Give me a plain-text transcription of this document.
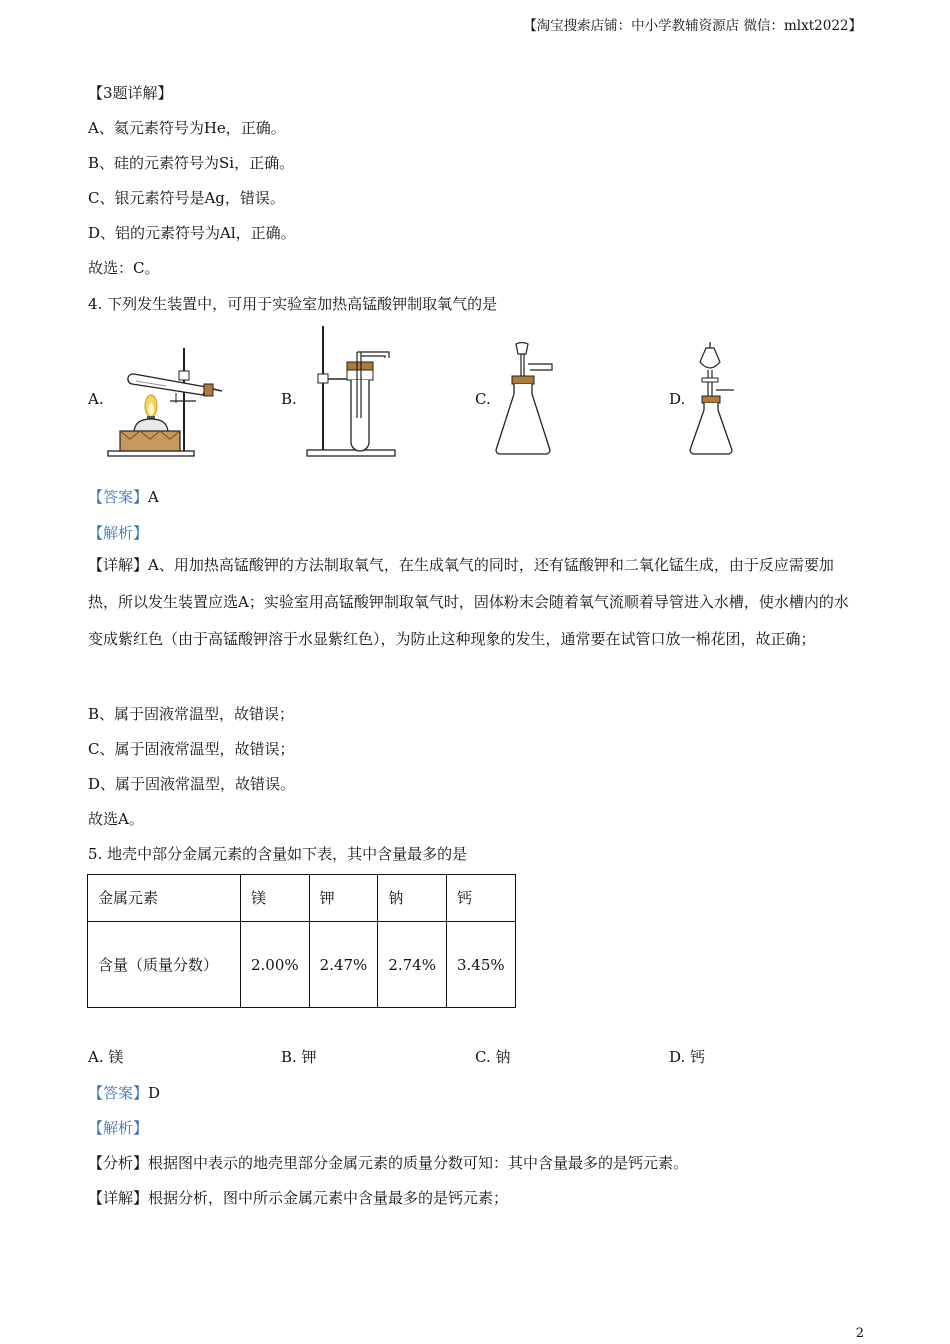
【淘宝搜索店铺：中小学教辅资源店 微信：mlxt2022】
【3题详解】
A、氦元素符号为He，正确。
B、硅的元素符号为Si，正确。
C、银元素符号是Ag，错误。
D、铝的元素符号为Al，正确。
故选：C。
4. 下列发生装置中，可用于实验室加热高锰酸钾制取氧气的是
A.	B.	C.	D.
【答案】A
【解析】
【详解】A、用加热高锰酸钾的方法制取氧气，在生成氧气的同时，还有锰酸钾和二氧化锰生成，由于反应需要加热，所以发生装置应选A；实验室用高锰酸钾制取氧气时，固体粉末会随着氧气流顺着导管进入水槽，使水槽内的水变成紫红色（由于高锰酸钾溶于水显紫红色），为防止这种现象的发生，通常要在试管口放一棉花团，故正确；
B、属于固液常温型，故错误；
C、属于固液常温型，故错误；
D、属于固液常温型，故错误。
故选A。
5. 地壳中部分金属元素的含量如下表，其中含量最多的是
金属元素	镁	钾	钠	钙
含量（质量分数）	2.00%	2.47%	2.74%	3.45%
A. 镁	B. 钾	C. 钠	D. 钙
【答案】D
【解析】
【分析】根据图中表示的地壳里部分金属元素的质量分数可知：其中含量最多的是钙元素。
【详解】根据分析，图中所示金属元素中含量最多的是钙元素；
2
